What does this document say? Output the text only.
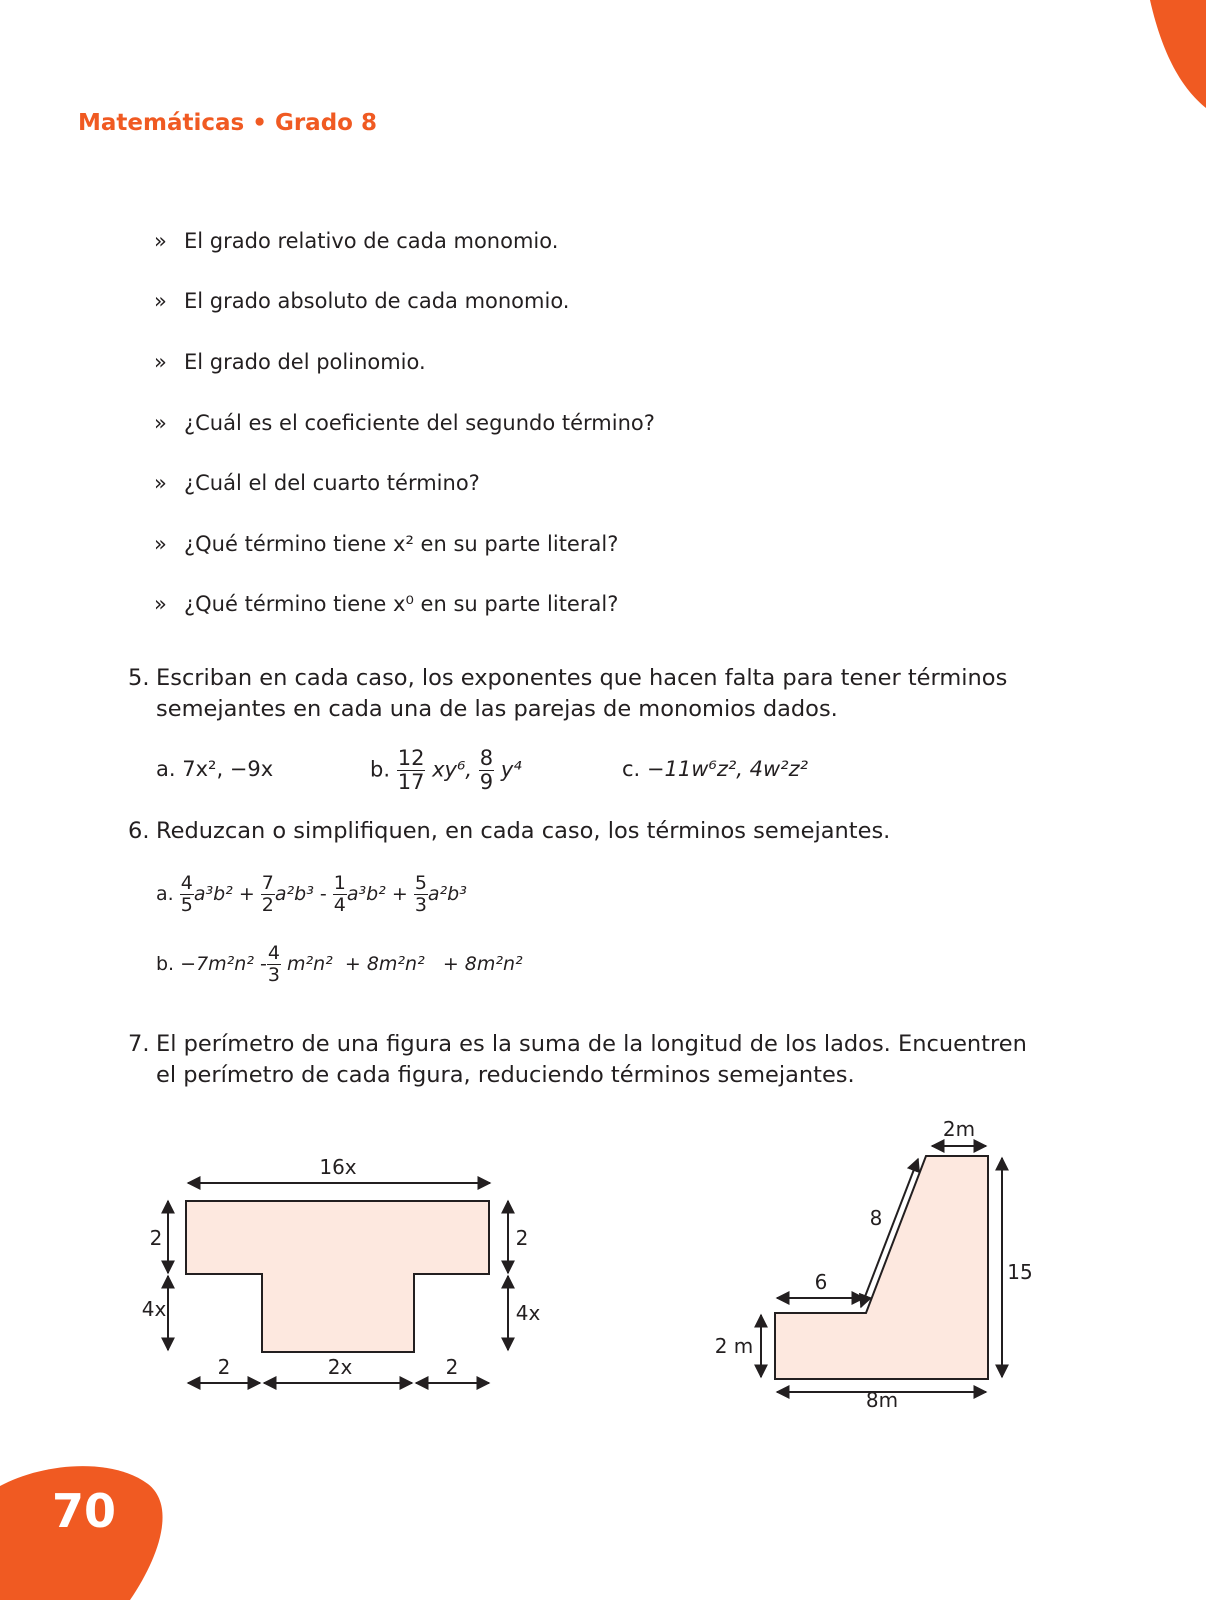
Matemáticas • Grado 8
» El grado relativo de cada monomio.
» El grado absoluto de cada monomio.
» El grado del polinomio.
» ¿Cuál es el coeficiente del segundo término?
» ¿Cuál el del cuarto término?
» ¿Qué término tiene x² en su parte literal?
» ¿Qué término tiene x⁰ en su parte literal?
5. Escriban en cada caso, los exponentes que hacen falta para tener términos semejantes en cada una de las parejas de monomios dados.
a. 7x², −9x	b. $\frac{12}{17} xy^6$, $\frac{8}{9} y^4$	c. −11w⁶z², 4w²z²
6. Reduzcan o simplifiquen, en cada caso, los términos semejantes.
a. $\frac{4}{5} a^3b^2 + \frac{7}{2} a^2b^3 - \frac{1}{4} a^3b^2 + \frac{5}{3} a^2b^3$
b. $-7m^2n^2 - \frac{4}{3} m^2n^2 + 8m^2n^2 + 8m^2n^2$
7. El perímetro de una figura es la suma de la longitud de los lados. Encuentren el perímetro de cada figura, reduciendo términos semejantes.
16x
2
4x
2
4x
2	2x	2
2m
8
15
6
2 m
8m
70
